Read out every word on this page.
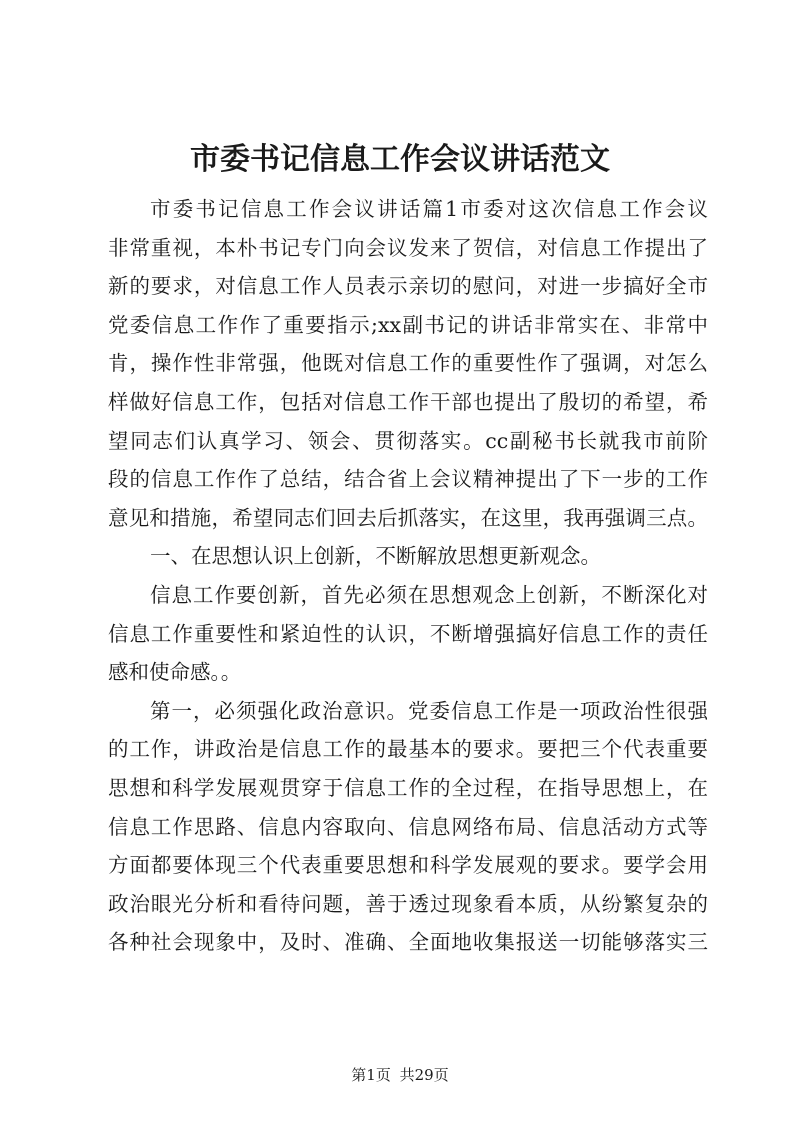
市委书记信息工作会议讲话范文
市委书记信息工作会议讲话篇1市委对这次信息工作会议
非常重视，本朴书记专门向会议发来了贺信，对信息工作提出了
新的要求，对信息工作人员表示亲切的慰问，对进一步搞好全市
党委信息工作作了重要指示;xx副书记的讲话非常实在、非常中
肯，操作性非常强，他既对信息工作的重要性作了强调，对怎么
样做好信息工作，包括对信息工作干部也提出了殷切的希望，希
望同志们认真学习、领会、贯彻落实。cc副秘书长就我市前阶
段的信息工作作了总结，结合省上会议精神提出了下一步的工作
意见和措施，希望同志们回去后抓落实，在这里，我再强调三点。
一、在思想认识上创新，不断解放思想更新观念。
信息工作要创新，首先必须在思想观念上创新，不断深化对
信息工作重要性和紧迫性的认识，不断增强搞好信息工作的责任
感和使命感。。
第一，必须强化政治意识。党委信息工作是一项政治性很强
的工作，讲政治是信息工作的最基本的要求。要把三个代表重要
思想和科学发展观贯穿于信息工作的全过程，在指导思想上，在
信息工作思路、信息内容取向、信息网络布局、信息活动方式等
方面都要体现三个代表重要思想和科学发展观的要求。要学会用
政治眼光分析和看待问题，善于透过现象看本质，从纷繁复杂的
各种社会现象中，及时、准确、全面地收集报送一切能够落实三
第1页 共29页
